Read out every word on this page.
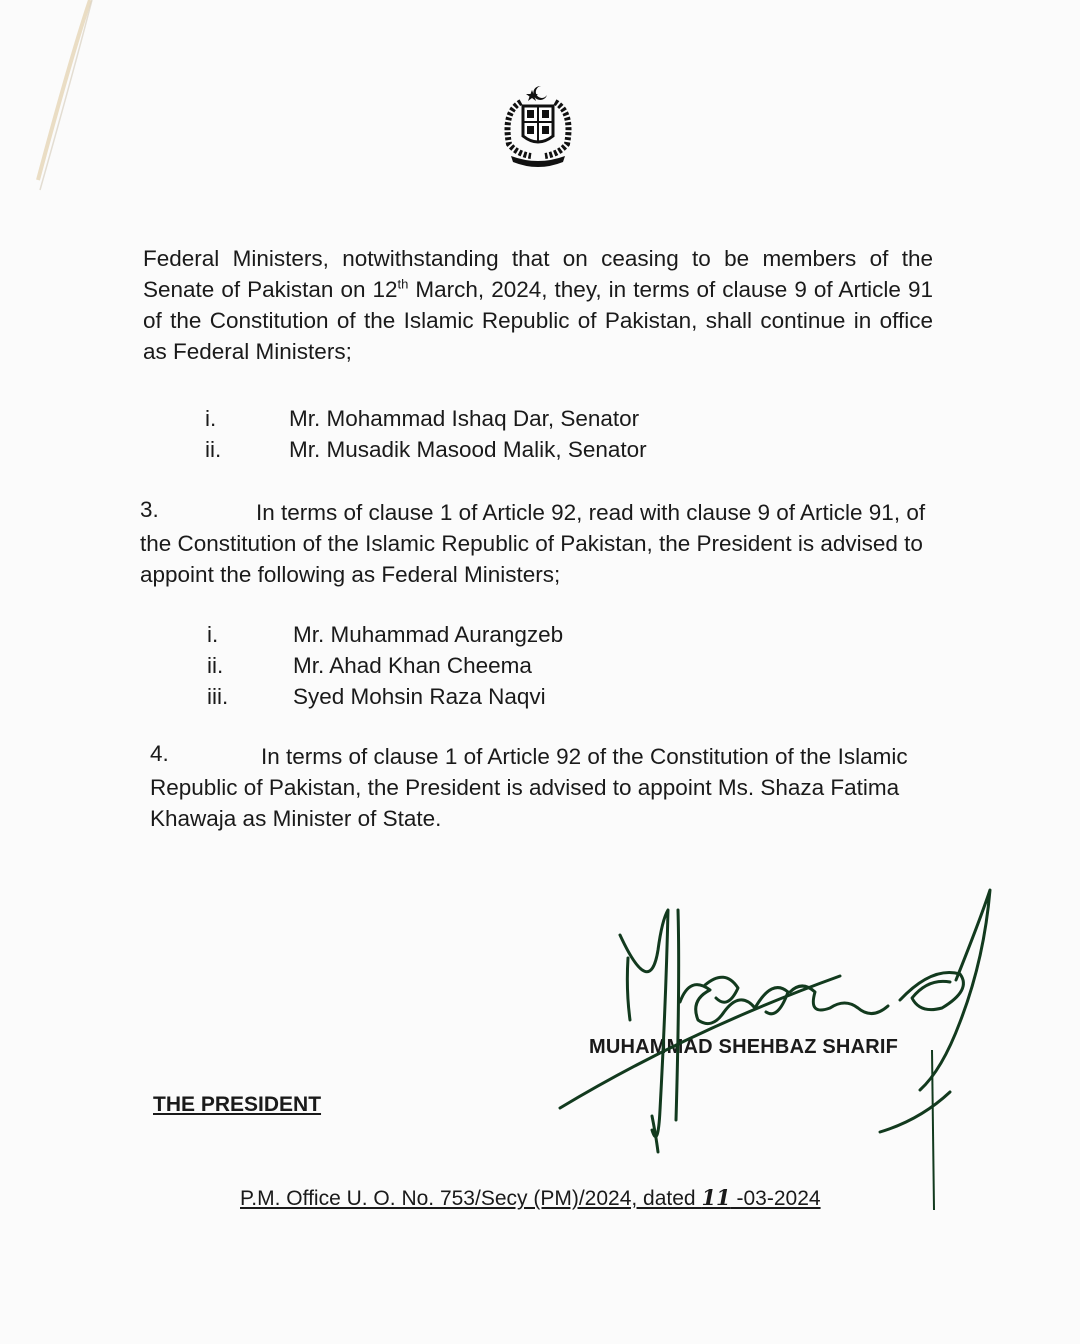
Federal Ministers, notwithstanding that on ceasing to be members of the
Senate of Pakistan on 12th March, 2024, they, in terms of clause 9 of Article 91
of the Constitution of the Islamic Republic of Pakistan, shall continue in office
as Federal Ministers;

i.	Mr. Mohammad Ishaq Dar, Senator
ii.	Mr. Musadik Masood Malik, Senator
3.	In terms of clause 1 of Article 92, read with clause 9 of Article 91, of
the Constitution of the Islamic Republic of Pakistan, the President is advised to
appoint the following as Federal Ministers;

i.	Mr. Muhammad Aurangzeb
ii.	Mr. Ahad Khan Cheema
iii.	Syed Mohsin Raza Naqvi
4.	In terms of clause 1 of Article 92 of the Constitution of the Islamic
Republic of Pakistan, the President is advised to appoint Ms. Shaza Fatima
Khawaja as Minister of State.

MUHAMMAD SHEHBAZ SHARIF
THE PRESIDENT
P.M. Office U. O. No. 753/Secy (PM)/2024, dated 11 -03-2024
